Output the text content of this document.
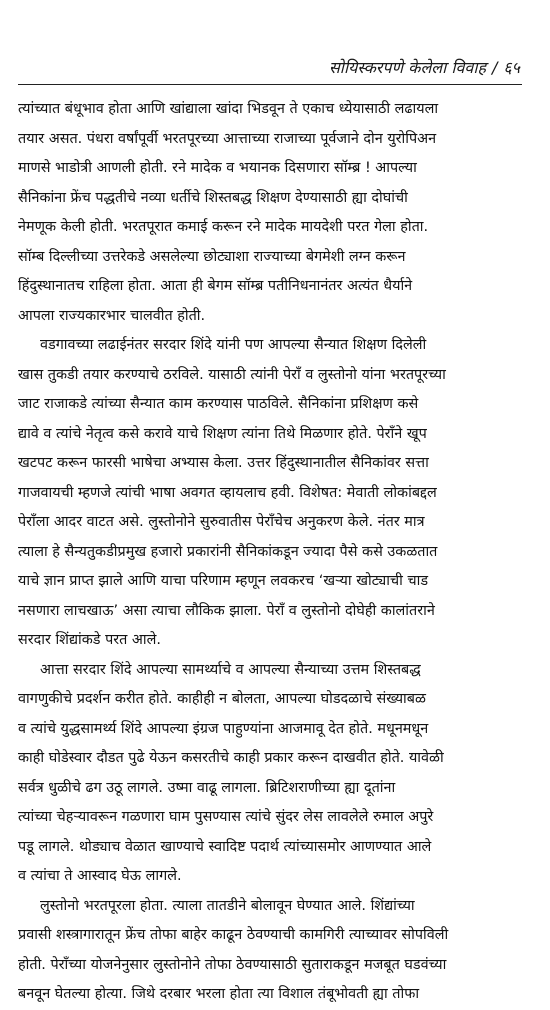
सोयिस्करपणे केलेला विवाह / ६५
त्यांच्यात बंधूभाव होता आणि खांद्याला खांदा भिडवून ते एकाच ध्येयासाठी लढायला
तयार असत. पंधरा वर्षांपूर्वी भरतपूरच्या आत्ताच्या राजाच्या पूर्वजाने दोन युरोपिअन
माणसे भाडोत्री आणली होती. रने मादेक व भयानक दिसणारा सॉम्ब्र ! आपल्या
सैनिकांना फ्रेंच पद्धतीचे नव्या धर्तीचे शिस्तबद्ध शिक्षण देण्यासाठी ह्या दोघांची
नेमणूक केली होती. भरतपूरात कमाई करून रने मादेक मायदेशी परत गेला होता.
सॉम्ब दिल्लीच्या उत्तरेकडे असलेल्या छोट्याशा राज्याच्या बेगमेशी लग्न करून
हिंदुस्थानातच राहिला होता. आता ही बेगम सॉम्ब्र पतीनिधनानंतर अत्यंत धैर्याने
आपला राज्यकारभार चालवीत होती.
वडगावच्या लढाईनंतर सरदार शिंदे यांनी पण आपल्या सैन्यात शिक्षण दिलेली
खास तुकडी तयार करण्याचे ठरविले. यासाठी त्यांनी पेरॉं व लुस्तोनो यांना भरतपूरच्या
जाट राजाकडे त्यांच्या सैन्यात काम करण्यास पाठविले. सैनिकांना प्रशिक्षण कसे
द्यावे व त्यांचे नेतृत्व कसे करावे याचे शिक्षण त्यांना तिथे मिळणार होते. पेरॉंने खूप
खटपट करून फारसी भाषेचा अभ्यास केला. उत्तर हिंदुस्थानातील सैनिकांवर सत्ता
गाजवायची म्हणजे त्यांची भाषा अवगत व्हायलाच हवी. विशेषत: मेवाती लोकांबद्दल
पेरॉंला आदर वाटत असे. लुस्तोनोने सुरुवातीस पेरॉंचेच अनुकरण केले. नंतर मात्र
त्याला हे सैन्यतुकडीप्रमुख हजारो प्रकारांनी सैनिकांकडून ज्यादा पैसे कसे उकळतात
याचे ज्ञान प्राप्त झाले आणि याचा परिणाम म्हणून लवकरच ‘खऱ्या खोट्याची चाड
नसणारा लाचखाऊ’ असा त्याचा लौकिक झाला. पेरॉं व लुस्तोनो दोघेही कालांतराने
सरदार शिंद्यांकडे परत आले.
आत्ता सरदार शिंदे आपल्या सामर्थ्याचे व आपल्या सैन्याच्या उत्तम शिस्तबद्ध
वागणुकीचे प्रदर्शन करीत होते. काहीही न बोलता, आपल्या घोडदळाचे संख्याबळ
व त्यांचे युद्धसामर्थ्य शिंदे आपल्या इंग्रज पाहुण्यांना आजमावू देत होते. मधूनमधून
काही घोडेस्वार दौडत पुढे येऊन कसरतीचे काही प्रकार करून दाखवीत होते. यावेळी
सर्वत्र धुळीचे ढग उठू लागले. उष्मा वाढू लागला. ब्रिटिशराणीच्या ह्या दूतांना
त्यांच्या चेहऱ्यावरून गळणारा घाम पुसण्यास त्यांचे सुंदर लेस लावलेले रुमाल अपुरे
पडू लागले. थोड्याच वेळात खाण्याचे स्वादिष्ट पदार्थ त्यांच्यासमोर आणण्यात आले
व त्यांचा ते आस्वाद घेऊ लागले.
लुस्तोनो भरतपूरला होता. त्याला तातडीने बोलावून घेण्यात आले. शिंद्यांच्या
प्रवासी शस्त्रागारातून फ्रेंच तोफा बाहेर काढून ठेवण्याची कामगिरी त्याच्यावर सोपविली
होती. पेरॉंच्या योजनेनुसार लुस्तोनोने तोफा ठेवण्यासाठी सुताराकडून मजबूत घडवंच्या
बनवून घेतल्या होत्या. जिथे दरबार भरला होता त्या विशाल तंबूभोवती ह्या तोफा
